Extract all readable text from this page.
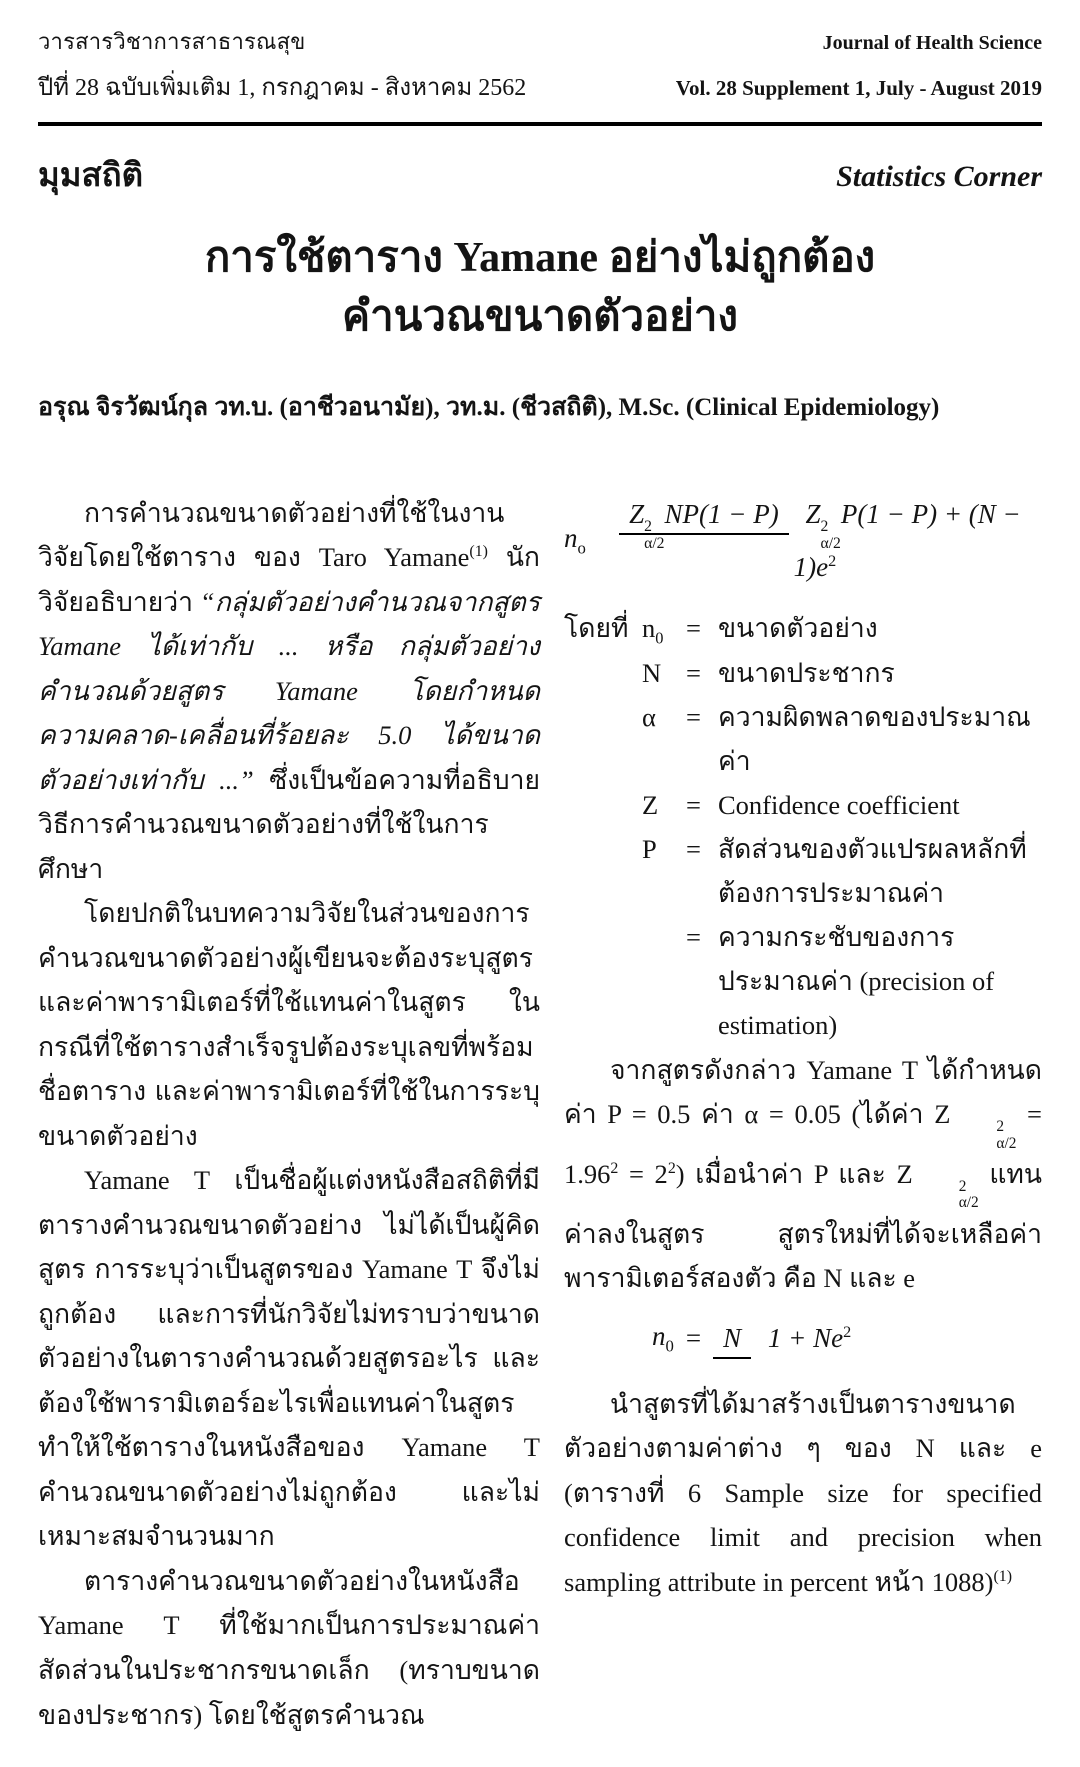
วารสารวิชาการสาธารณสุข	Journal of Health Science
ปีที่ 28 ฉบับเพิ่มเติม 1, กรกฎาคม - สิงหาคม 2562	Vol. 28 Supplement 1, July - August 2019
มุมสถิติ	Statistics Corner
การใช้ตาราง Yamane อย่างไม่ถูกต้อง
คำนวณขนาดตัวอย่าง
อรุณ จิรวัฒน์กุล วท.บ. (อาชีวอนามัย), วท.ม. (ชีวสถิติ), M.Sc. (Clinical Epidemiology)

การคำนวณขนาดตัวอย่างที่ใช้ในงานวิจัยโดยใช้ตาราง ของ Taro Yamane$^{(1)}$ นักวิจัยอธิบายว่า “กลุ่มตัวอย่างคำนวณจากสูตร Yamane ได้เท่ากับ ... หรือ กลุ่มตัวอย่างคำนวณด้วยสูตร Yamane โดยกำหนดความคลาด-เคลื่อนที่ร้อยละ 5.0 ได้ขนาดตัวอย่างเท่ากับ ...” ซึ่งเป็นข้อความที่อธิบายวิธีการคำนวณขนาดตัวอย่างที่ใช้ในการศึกษา

โดยปกติในบทความวิจัยในส่วนของการคำนวณขนาดตัวอย่างผู้เขียนจะต้องระบุสูตร และค่าพารามิเตอร์ที่ใช้แทนค่าในสูตร ในกรณีที่ใช้ตารางสำเร็จรูปต้องระบุเลขที่พร้อมชื่อตาราง และค่าพารามิเตอร์ที่ใช้ในการระบุขนาดตัวอย่าง

Yamane T เป็นชื่อผู้แต่งหนังสือสถิติที่มีตารางคำนวณขนาดตัวอย่าง ไม่ได้เป็นผู้คิดสูตร การระบุว่าเป็นสูตรของ Yamane T จึงไม่ถูกต้อง และการที่นักวิจัยไม่ทราบว่าขนาดตัวอย่างในตารางคำนวณด้วยสูตรอะไร และต้องใช้พารามิเตอร์อะไรเพื่อแทนค่าในสูตร ทำให้ใช้ตารางในหนังสือของ Yamane T คำนวณขนาดตัวอย่างไม่ถูกต้อง และไม่เหมาะสมจำนวนมาก

ตารางคำนวณขนาดตัวอย่างในหนังสือ Yamane T ที่ใช้มากเป็นการประมาณค่าสัดส่วนในประชากรขนาดเล็ก (ทราบขนาดของประชากร) โดยใช้สูตรคำนวณ

$n_o$
Z 2
α/2
NP(1 − P) Z 2
α/2
$P(1 - P) + (N - 1)e^2$
โดยที่ $n_0$ = ขนาดตัวอย่าง
N = ขนาดประชากร
α	= ความผิดพลาดของประมาณค่า
Z	= Confidence coefficient
P	= สัดส่วนของตัวแปรผลหลักที่ต้องการประมาณค่า
= ความกระชับของการประมาณค่า (precision of estimation)

จากสูตรดังกล่าว Yamane T ได้กำหนดค่า P = 0.5 ค่า α = 0.05 (ได้ค่า Z	2
α/2
= $1.96^2 = 2^2$) เมื่อนำค่า P และ Z	2
α/2
แทนค่าลงในสูตร สูตรใหม่ที่ได้จะเหลือค่าพารามิเตอร์สองตัว คือ N และ e

$n_0 = N$ $1 + Ne^2$

นำสูตรที่ได้มาสร้างเป็นตารางขนาดตัวอย่างตามค่าต่าง ๆ ของ N และ e (ตารางที่ 6 Sample size for specified confidence limit and precision when sampling attribute in percent หน้า 1088)$^{(1)}$
